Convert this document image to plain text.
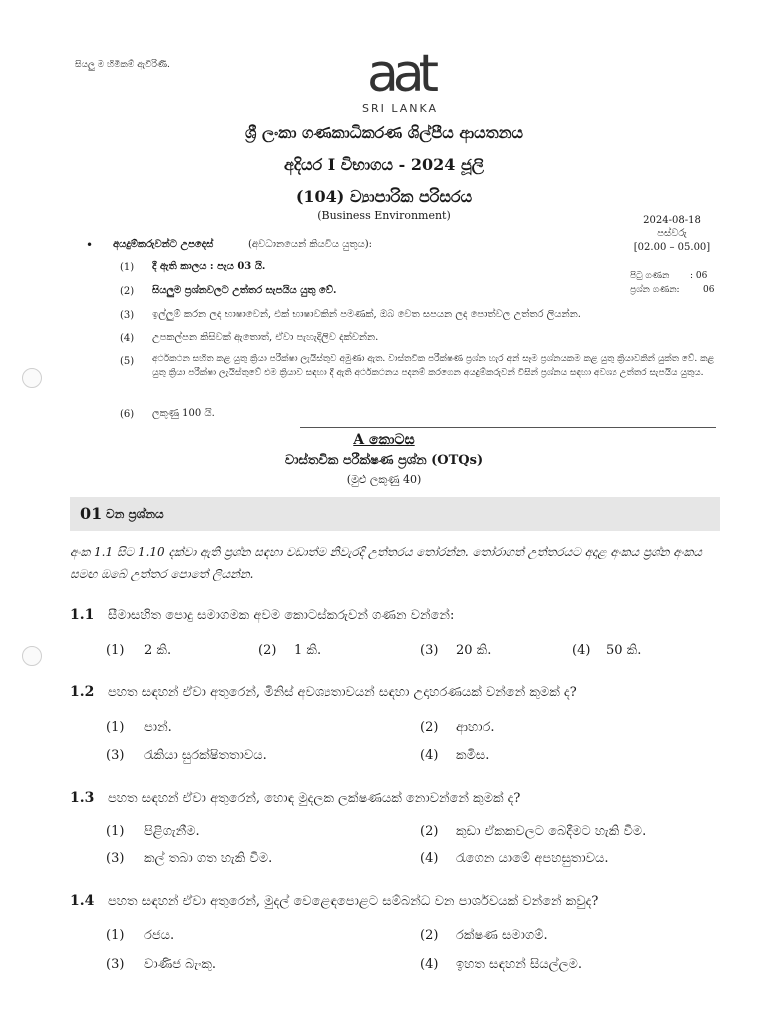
සියලු ම හිමිකම් ඇවිරිණි.	aat
SRI LANKA
ශ්‍රී ලංකා ගණකාධිකරණ ශිල්පීය ආයතනය
අදියර I විභාගය - 2024 ජූලි
(104) ව්‍යාපාරික පරිසරය
(Business Environment)	2024-08-18
පස්වරු
[02.00 – 05.00]
පිටු ගණන : 06
ප්‍රශ්න ගණන:	06
• අයදුම්කරුවන්ට උපදෙස්	(අවධානයෙන් කියවිය යුතුය):
(1) දී ඇති කාලය : පැය 03 යි.
(2) සියලුම ප්‍රශ්නවලට උත්තර සැපයිය යුතු වේ.
(3) ඉල්ලුම් කරන ලද භාෂාවෙන්, එක් භාෂාවකින් පමණක්, ඔබ වෙත සපයන ලද පොත්වල උත්තර ලියන්න.
(4) උපකල්පන කිසිවක් ඇතොත්, ඒවා පැහැදිලිව දක්වන්න.
(5) අර්ථකථන සහිත කළ යුතු ක්‍රියා පරීක්ෂා ලැයිස්තුව අමුණා ඇත. වාස්තවික පරීක්ෂණ ප්‍රශ්න හැර අන් සෑම ප්‍රශ්නයකම කළ යුතු ක්‍රියාවකින් යුක්ත වේ. කළ යුතු ක්‍රියා පරීක්ෂා ලැයිස්තුවේ එම ක්‍රියාව සඳහා දී ඇති අර්ථකථනය පදනම් කරගෙන අයදුම්කරුවන් විසින් ප්‍රශ්නය සඳහා අවශ්‍ය උත්තර සැපයිය යුතුය.
(6) ලකුණු 100 යි.
A කොටස
වාස්තවික පරීක්ෂණ ප්‍රශ්න (OTQs)
(මුළු ලකුණු 40)
01 වන ප්‍රශ්නය
අංක 1.1 සිට 1.10 දක්වා ඇති ප්‍රශ්න සඳහා වඩාත්ම නිවැරදි උත්තරය තෝරන්න. තෝරාගත් උත්තරයට අදාළ අංකය ප්‍රශ්න අංකය සමඟ ඔබේ උත්තර පොතේ ලියන්න.
1.1 සීමාසහිත පොදු සමාගමක අවම කොටස්කරුවන් ගණන වන්නේ:
(1) 2 කි.	(2) 1 කි.	(3) 20 කි.	(4) 50 කි.
1.2 පහත සඳහන් ඒවා අතුරෙන්, මිනිස් අවශ්‍යතාවයන් සඳහා උදාහරණයක් වන්නේ කුමක් ද?
(1) පාන්.	(2) ආහාර.
(3) රැකියා සුරක්ෂිතතාවය.	(4) කමිස.
1.3 පහත සඳහන් ඒවා අතුරෙන්, හොඳ මුදලක ලක්ෂණයක් නොවන්නේ කුමක් ද?
(1) පිළිගැනීම.	(2) කුඩා ඒකකවලට බෙදීමට හැකි වීම.
(3) කල් තබා ගත හැකි වීම.	(4) රැගෙන යාමේ අපහසුතාවය.
1.4 පහත සඳහන් ඒවා අතුරෙන්, මුදල් වෙළෙඳපොළට සම්බන්ධ වන පාර්ශවයක් වන්නේ කවුද?
(1) රජය.	(2) රක්ෂණ සමාගම්.
(3) වාණිජ බැංකු.	(4) ඉහත සඳහන් සියල්ලම.
